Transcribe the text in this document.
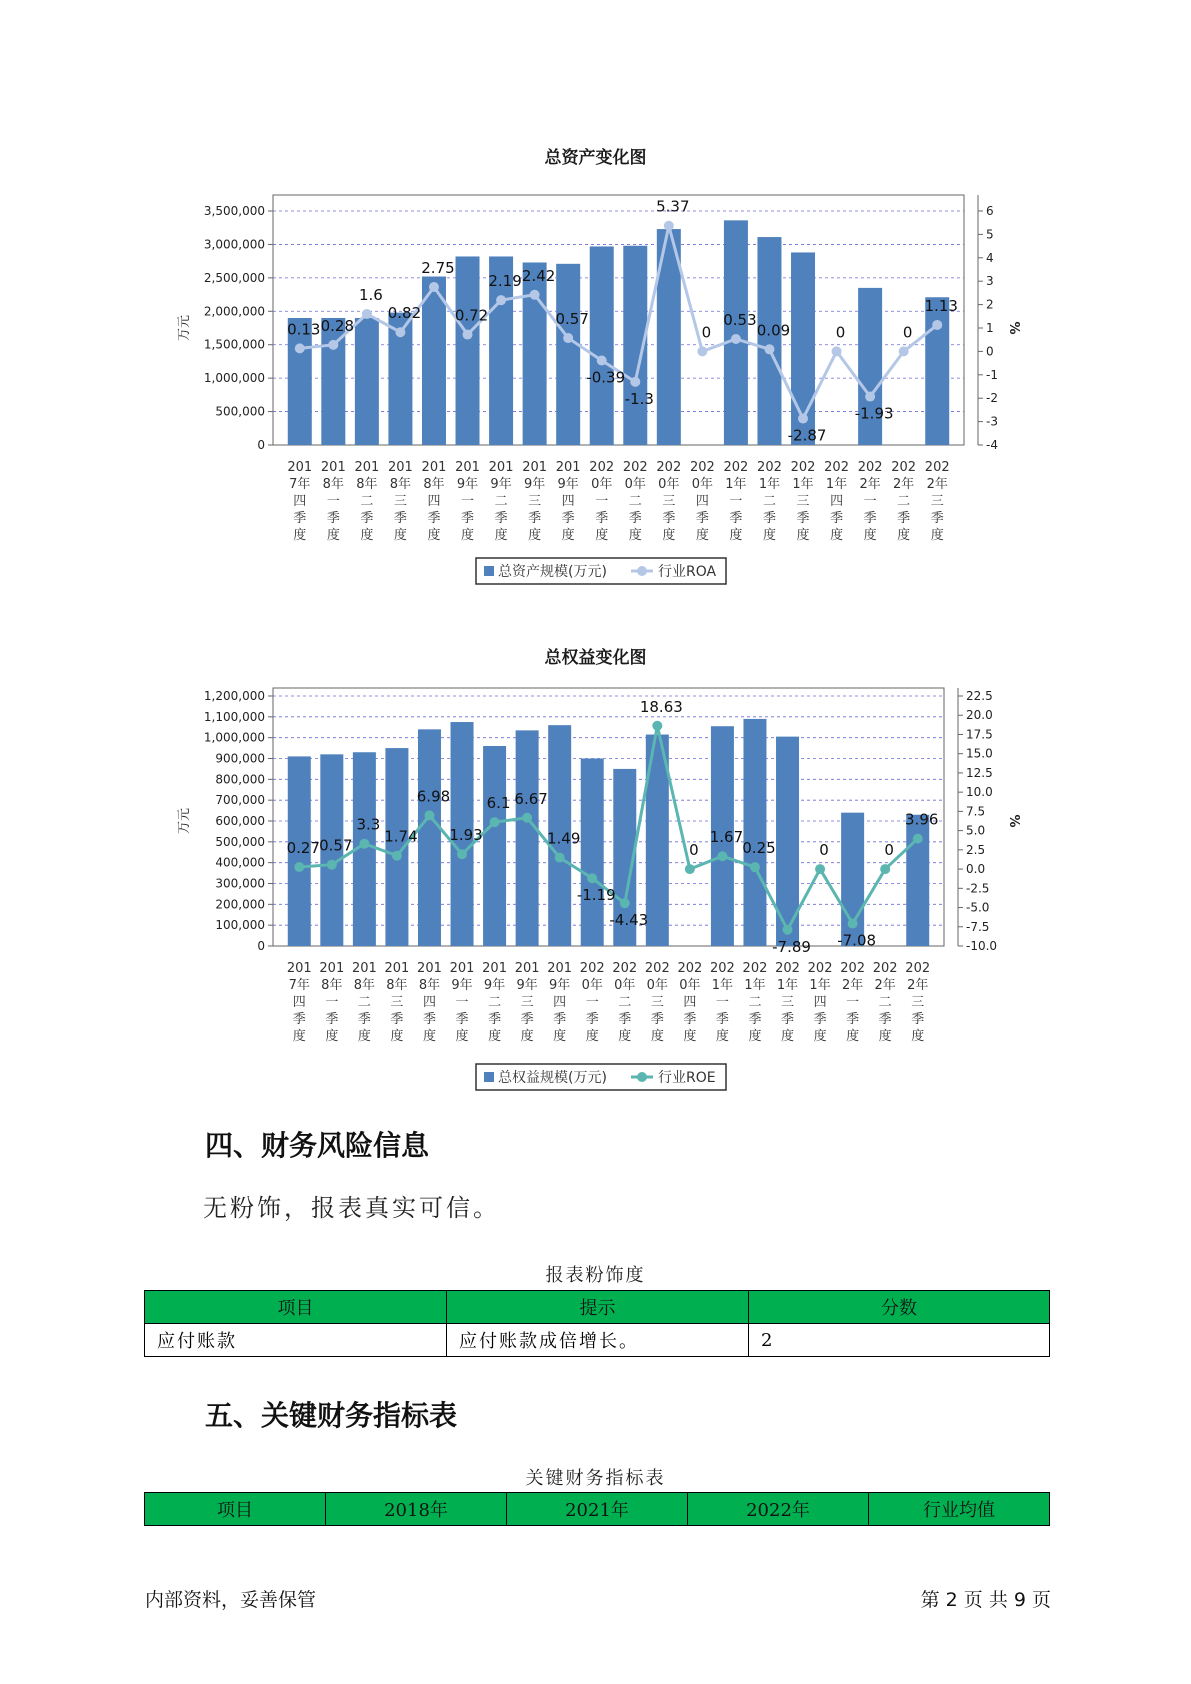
总资产变化图
3,500,000
3,000,000
2,500,000
2,000,000
1,500,000
1,000,000
500,000
0
6
5
4
3
2
1
0
-1
-2
-3
-4
万元	%
201
7年
四
季
度
201
8年
一
季
度
201
8年
二
季
度
201
8年
三
季
度
201
8年
四
季
度
201
9年
一
季
度
201
9年
二
季
度
201
9年
三
季
度
201
9年
四
季
度
202
0年
一
季
度
202
0年
二
季
度
202
0年
三
季
度
202
0年
四
季
度
202
1年
一
季
度
202
1年
二
季
度
202
1年
三
季
度
202
1年
四
季
度
202
2年
一
季
度
202
2年
二
季
度
202
2年
三
季
度
0.13 0.28
1.6
0.82
2.75
0.72
2.19 2.42
0.57
-0.39
-1.3
5.37
0
0.53
0.09
-2.87
0
-1.93
0
1.13
总资产规模(万元)	行业ROA
总权益变化图
1,200,000
1,100,000
1,000,000
900,000
800,000
700,000
600,000
500,000
400,000
300,000
200,000
100,000
0
22.5
20.0
17.5
15.0
12.5
10.0
7.5
5.0
2.5
0.0
-2.5
-5.0
-7.5
-10.0
万元	%
201
7年
四
季
度
201
8年
一
季
度
201
8年
二
季
度
201
8年
三
季
度
201
8年
四
季
度
201
9年
一
季
度
201
9年
二
季
度
201
9年
三
季
度
201
9年
四
季
度
202
0年
一
季
度
202
0年
二
季
度
202
0年
三
季
度
202
0年
四
季
度
202
1年
一
季
度
202
1年
二
季
度
202
1年
三
季
度
202
1年
四
季
度
202
2年
一
季
度
202
2年
二
季
度
202
2年
三
季
度
0.27 0.57
3.3
1.74
6.98
1.93
6.1 6.67
1.49
-1.19
-4.43
18.63
0
1.67
0.25
-7.89
0
-7.08
0
3.96
总权益规模(万元)	行业ROE
四、财务风险信息
无粉饰，报表真实可信。
报表粉饰度
项目	提示	分数
应付账款	应付账款成倍增长。	2
五、关键财务指标表
关键财务指标表
项目	2018年	2021年	2022年	行业均值
内部资料，妥善保管	第 2 页 共 9 页
